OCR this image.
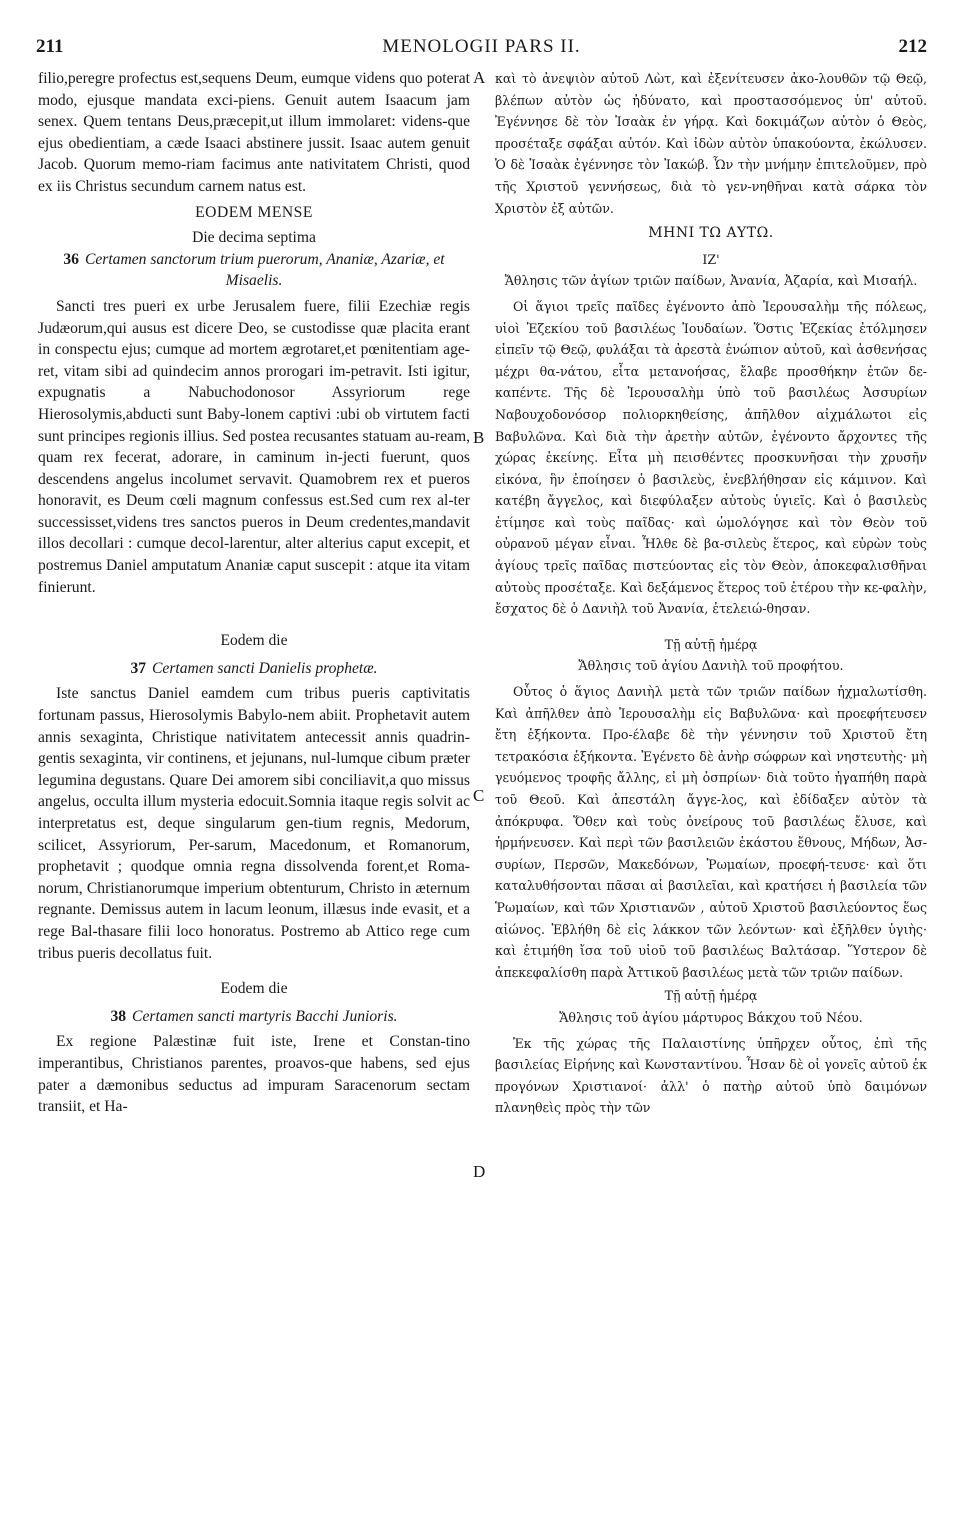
211	MENOLOGII PARS II.	212
A
B
C
D

filio,peregre profectus est,sequens Deum, eumque videns quo poterat modo, ejusque mandata exci-piens. Genuit autem Isaacum jam senex. Quem tentans Deus,præcepit,ut illum immolaret: videns-que ejus obedientiam, a cæde Isaaci abstinere jussit. Isaac autem genuit Jacob. Quorum memo-riam facimus ante nativitatem Christi, quod ex iis Christus secundum carnem natus est.

EODEM MENSE

Die decima septima

36 Certamen sanctorum trium puerorum, Ananiæ, Azariæ, et Misaelis.

Sancti tres pueri ex urbe Jerusalem fuere, filii Ezechiæ regis Judæorum,qui ausus est dicere Deo, se custodisse quæ placita erant in conspectu ejus; cumque ad mortem ægrotaret,et pœnitentiam age-ret, vitam sibi ad quindecim annos prorogari im-petravit. Isti igitur, expugnatis a Nabuchodonosor Assyriorum rege Hierosolymis,abducti sunt Baby-lonem captivi :ubi ob virtutem facti sunt principes regionis illius. Sed postea recusantes statuam au-ream, quam rex fecerat, adorare, in caminum in-jecti fuerunt, quos descendens angelus incolumet servavit. Quamobrem rex et pueros honoravit, es Deum cœli magnum confessus est.Sed cum rex al-ter successisset,videns tres sanctos pueros in Deum credentes,mandavit illos decollari : cumque decol-larentur, alter alterius caput excepit, et postremus Daniel amputatum Ananiæ caput suscepit : atque ita vitam finierunt.

Eodem die

37 Certamen sancti Danielis prophetæ.

Iste sanctus Daniel eamdem cum tribus pueris captivitatis fortunam passus, Hierosolymis Babylo-nem abiit. Prophetavit autem annis sexaginta, Christique nativitatem antecessit annis quadrin-gentis sexaginta, vir continens, et jejunans, nul-lumque cibum præter legumina degustans. Quare Dei amorem sibi conciliavit,a quo missus angelus, occulta illum mysteria edocuit.Somnia itaque regis solvit ac interpretatus est, deque singularum gen-tium regnis, Medorum, scilicet, Assyriorum, Per-sarum, Macedonum, et Romanorum, prophetavit ; quodque omnia regna dissolvenda forent,et Roma-norum, Christianorumque imperium obtenturum, Christo in æternum regnante. Demissus autem in lacum leonum, illæsus inde evasit, et a rege Bal-thasare filii loco honoratus. Postremo ab Attico rege cum tribus pueris decollatus fuit.

Eodem die

38 Certamen sancti martyris Bacchi Junioris.

Ex regione Palæstinæ fuit iste, Irene et Constan-tino imperantibus, Christianos parentes, proavos-que habens, sed ejus pater a dæmonibus seductus ad impuram Saracenorum sectam transiit, et Ha-

καὶ τὸ ἀνεψιὸν αὐτοῦ Λὼτ, καὶ ἐξενίτευσεν ἀκο-λουθῶν τῷ Θεῷ, βλέπων αὐτὸν ὡς ἠδύνατο, καὶ προστασσόμενος ὑπ' αὐτοῦ. Ἐγέννησε δὲ τὸν Ἰσαὰκ ἐν γήρᾳ. Καὶ δοκιμάζων αὐτὸν ὁ Θεὸς, προσέταξε σφάξαι αὐτόν. Καὶ ἰδὼν αὐτὸν ὑπακούοντα, ἐκώλυσεν. Ὁ δὲ Ἰσαὰκ ἐγέννησε τὸν Ἰακώβ. Ὧν τὴν μνήμην ἐπιτελοῦμεν, πρὸ τῆς Χριστοῦ γεννήσεως, διὰ τὸ γεν-νηθῆναι κατὰ σάρκα τὸν Χριστὸν ἐξ αὐτῶν.

ΜΗΝΙ ΤΩ ΑΥΤΩ.

ΙΖ'

Ἄθλησις τῶν ἁγίων τριῶν παίδων, Ἀνανία, Ἀζαρία, καὶ Μισαήλ.

Οἱ ἅγιοι τρεῖς παῖδες ἐγένοντο ἀπὸ Ἱερουσαλὴμ τῆς πόλεως, υἱοὶ Ἐζεκίου τοῦ βασιλέως Ἰουδαίων. Ὅστις Ἐζεκίας ἐτόλμησεν εἰπεῖν τῷ Θεῷ, φυλάξαι τὰ ἀρεστὰ ἐνώπιον αὐτοῦ, καὶ ἀσθενήσας μέχρι θα-νάτου, εἶτα μετανοήσας, ἔλαβε προσθήκην ἐτῶν δε-καπέντε. Τῆς δὲ Ἱερουσαλὴμ ὑπὸ τοῦ βασιλέως Ἀσσυρίων Ναβουχοδονόσορ πολιορκηθείσης, ἀπῆλθον αἰχμάλωτοι εἰς Βαβυλῶνα. Καὶ διὰ τὴν ἀρετὴν αὐτῶν, ἐγένοντο ἄρχοντες τῆς χώρας ἐκείνης. Εἶτα μὴ πεισθέντες προσκυνῆσαι τὴν χρυσῆν εἰκόνα, ἣν ἐποίησεν ὁ βασιλεὺς, ἐνεβλήθησαν εἰς κάμινον. Καὶ κατέβη ἄγγελος, καὶ διεφύλαξεν αὐτοὺς ὑγιεῖς. Καὶ ὁ βασιλεὺς ἐτίμησε καὶ τοὺς παῖδας· καὶ ὡμολόγησε καὶ τὸν Θεὸν τοῦ οὐρανοῦ μέγαν εἶναι. Ἦλθε δὲ βα-σιλεὺς ἕτερος, καὶ εὑρὼν τοὺς ἁγίους τρεῖς παῖδας πιστεύοντας εἰς τὸν Θεὸν, ἀποκεφαλισθῆναι αὐτοὺς προσέταξε. Καὶ δεξάμενος ἕτερος τοῦ ἑτέρου τὴν κε-φαλὴν, ἔσχατος δὲ ὁ Δανιὴλ τοῦ Ἀνανία, ἐτελειώ-θησαν.

Τῇ αὐτῇ ἡμέρᾳ

Ἄθλησις τοῦ ἁγίου Δανιὴλ τοῦ προφήτου.

Οὗτος ὁ ἅγιος Δανιὴλ μετὰ τῶν τριῶν παίδων ἠχμαλωτίσθη. Καὶ ἀπῆλθεν ἀπὸ Ἱερουσαλὴμ εἰς Βαβυλῶνα· καὶ προεφήτευσεν ἔτη ἑξήκοντα. Προ-έλαβε δὲ τὴν γέννησιν τοῦ Χριστοῦ ἔτη τετρακόσια ἑξήκοντα. Ἐγένετο δὲ ἀνὴρ σώφρων καὶ νηστευτὴς· μὴ γευόμενος τροφῆς ἄλλης, εἰ μὴ ὀσπρίων· διὰ τοῦτο ἠγαπήθη παρὰ τοῦ Θεοῦ. Καὶ ἀπεστάλη ἄγγε-λος, καὶ ἐδίδαξεν αὐτὸν τὰ ἀπόκρυφα. Ὅθεν καὶ τοὺς ὀνείρους τοῦ βασιλέως ἔλυσε, καὶ ἡρμήνευσεν. Καὶ περὶ τῶν βασιλειῶν ἑκάστου ἔθνους, Μήδων, Ἀσ-συρίων, Περσῶν, Μακεδόνων, Ῥωμαίων, προεφή-τευσε· καὶ ὅτι καταλυθήσονται πᾶσαι αἱ βασιλεῖαι, καὶ κρατήσει ἡ βασιλεία τῶν Ῥωμαίων, καὶ τῶν Χριστιανῶν , αὐτοῦ Χριστοῦ βασιλεύοντος ἕως αἰώνος. Ἐβλήθη δὲ εἰς λάκκον τῶν λεόντων· καὶ ἐξῆλθεν ὑγιὴς· καὶ ἐτιμήθη ἴσα τοῦ υἱοῦ τοῦ βασιλέως Βαλτάσαρ. Ὕστερον δὲ ἀπεκεφαλίσθη παρὰ Ἀττικοῦ βασιλέως μετὰ τῶν τριῶν παίδων.

Τῇ αὐτῇ ἡμέρᾳ

Ἄθλησις τοῦ ἁγίου μάρτυρος Βάκχου τοῦ Νέου.

Ἐκ τῆς χώρας τῆς Παλαιστίνης ὑπῆρχεν οὗτος, ἐπὶ τῆς βασιλείας Εἰρήνης καὶ Κωνσταντίνου. Ἦσαν δὲ οἱ γονεῖς αὐτοῦ ἐκ προγόνων Χριστιανοί· ἀλλ' ὁ πατὴρ αὐτοῦ ὑπὸ δαιμόνων πλανηθεὶς πρὸς τὴν τῶν
